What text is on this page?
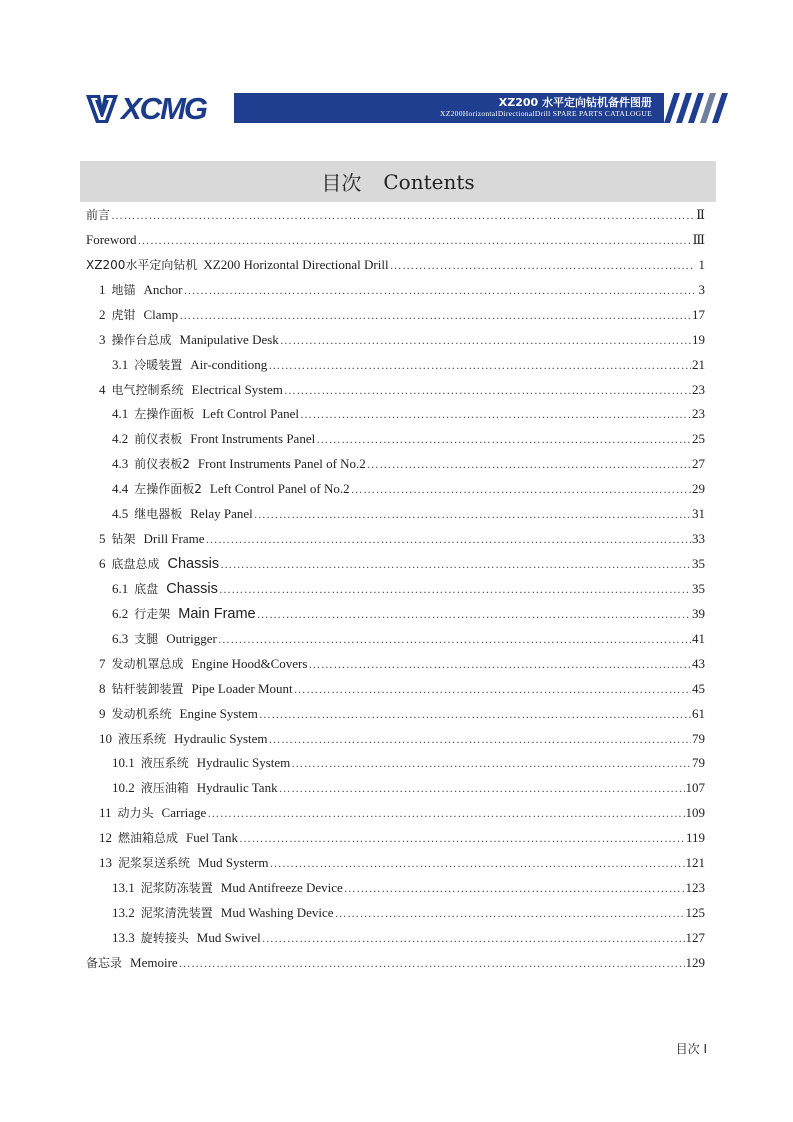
XCMG	XZ200 水平定向钻机备件图册
XZ200HorizontalDirectionalDrill SPARE PARTS CATALOGUE
目次 Contents
前言 ……………………………………………………………………………………………………………………………………………………………………………………………………………………………………………………	Ⅱ
Foreword ……………………………………………………………………………………………………………………………………………………………………………………………………………………………………………………	Ⅲ
XZ200水平定向钻机 XZ200 Horizontal Directional Drill ……………………………………………………………………………………………………………………………………………………………………………………………………………………………………………………	1
1 地锚 Anchor ……………………………………………………………………………………………………………………………………………………………………………………………………………………………………………………	3
2 虎钳 Clamp ……………………………………………………………………………………………………………………………………………………………………………………………………………………………………………………	17
3 操作台总成 Manipulative Desk ……………………………………………………………………………………………………………………………………………………………………………………………………………………………………………………	19
3.1 冷暖装置 Air-conditiong ……………………………………………………………………………………………………………………………………………………………………………………………………………………………………………………	21
4 电气控制系统 Electrical System ……………………………………………………………………………………………………………………………………………………………………………………………………………………………………………………	23
4.1 左操作面板 Left Control Panel ……………………………………………………………………………………………………………………………………………………………………………………………………………………………………………………	23
4.2 前仪表板 Front Instruments Panel ……………………………………………………………………………………………………………………………………………………………………………………………………………………………………………………	25
4.3 前仪表板2 Front Instruments Panel of No.2 ……………………………………………………………………………………………………………………………………………………………………………………………………………………………………………………	27
4.4 左操作面板2 Left Control Panel of No.2 ……………………………………………………………………………………………………………………………………………………………………………………………………………………………………………………	29
4.5 继电器板 Relay Panel ……………………………………………………………………………………………………………………………………………………………………………………………………………………………………………………	31
5 钻架 Drill Frame ……………………………………………………………………………………………………………………………………………………………………………………………………………………………………………………	33
6 底盘总成 Chassis ……………………………………………………………………………………………………………………………………………………………………………………………………………………………………………………	35
6.1 底盘 Chassis ……………………………………………………………………………………………………………………………………………………………………………………………………………………………………………………	35
6.2 行走架 Main Frame ……………………………………………………………………………………………………………………………………………………………………………………………………………………………………………………	39
6.3 支腿 Outrigger ……………………………………………………………………………………………………………………………………………………………………………………………………………………………………………………	41
7 发动机罩总成 Engine Hood&Covers ……………………………………………………………………………………………………………………………………………………………………………………………………………………………………………………	43
8 钻杆装卸装置 Pipe Loader Mount ……………………………………………………………………………………………………………………………………………………………………………………………………………………………………………………	45
9 发动机系统 Engine System ……………………………………………………………………………………………………………………………………………………………………………………………………………………………………………………	61
10 液压系统 Hydraulic System ……………………………………………………………………………………………………………………………………………………………………………………………………………………………………………………	79
10.1 液压系统 Hydraulic System ……………………………………………………………………………………………………………………………………………………………………………………………………………………………………………………	79
10.2 液压油箱 Hydraulic Tank ……………………………………………………………………………………………………………………………………………………………………………………………………………………………………………………	107
11 动力头 Carriage ……………………………………………………………………………………………………………………………………………………………………………………………………………………………………………………	109
12 燃油箱总成 Fuel Tank ……………………………………………………………………………………………………………………………………………………………………………………………………………………………………………………	119
13 泥浆泵送系统 Mud Systerm ……………………………………………………………………………………………………………………………………………………………………………………………………………………………………………………	121
13.1 泥浆防冻装置 Mud Antifreeze Device ……………………………………………………………………………………………………………………………………………………………………………………………………………………………………………………	123
13.2 泥浆清洗装置 Mud Washing Device ……………………………………………………………………………………………………………………………………………………………………………………………………………………………………………………	125
13.3 旋转接头 Mud Swivel ……………………………………………………………………………………………………………………………………………………………………………………………………………………………………………………	127
备忘录 Memoire ……………………………………………………………………………………………………………………………………………………………………………………………………………………………………………………	129
目次 I
